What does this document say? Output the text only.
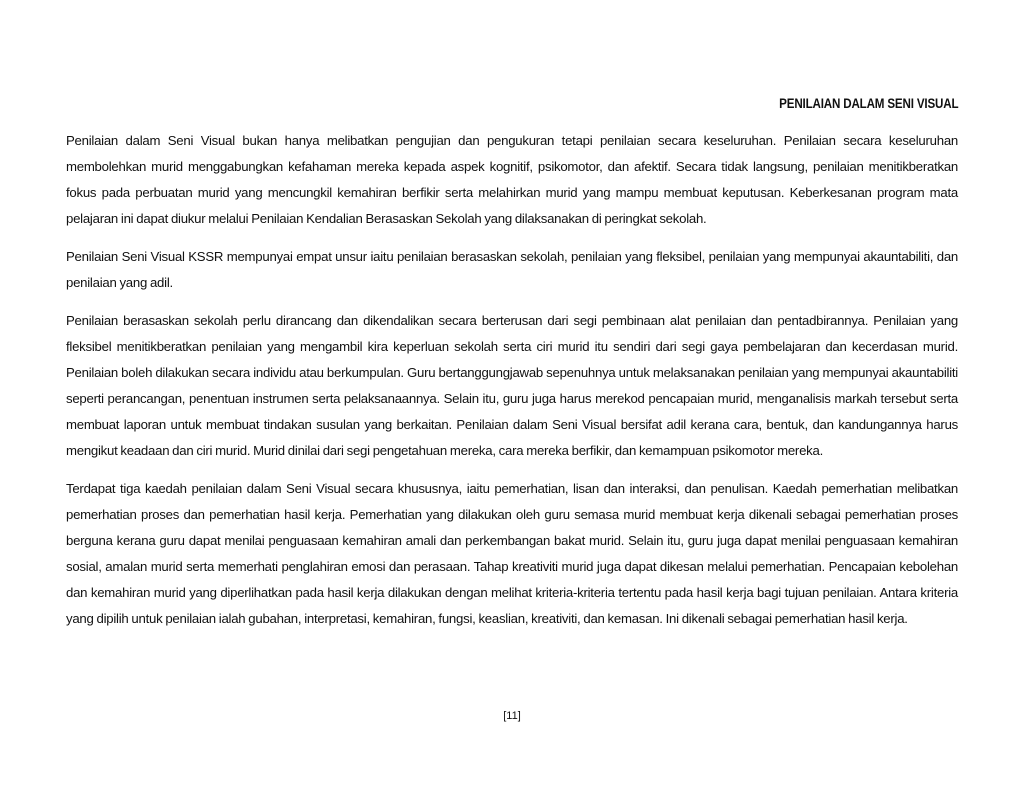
PENILAIAN DALAM SENI VISUAL

Penilaian dalam Seni Visual bukan hanya melibatkan pengujian dan pengukuran tetapi penilaian secara keseluruhan. Penilaian secara keseluruhan membolehkan murid menggabungkan kefahaman mereka kepada aspek kognitif, psikomotor, dan afektif. Secara tidak langsung, penilaian menitikberatkan fokus pada perbuatan murid yang mencungkil kemahiran berfikir serta melahirkan murid yang mampu membuat keputusan. Keberkesanan program mata pelajaran ini dapat diukur melalui Penilaian Kendalian Berasaskan Sekolah yang dilaksanakan di peringkat sekolah.

Penilaian Seni Visual KSSR mempunyai empat unsur iaitu penilaian berasaskan sekolah, penilaian yang fleksibel, penilaian yang mempunyai akauntabiliti, dan penilaian yang adil.

Penilaian berasaskan sekolah perlu dirancang dan dikendalikan secara berterusan dari segi pembinaan alat penilaian dan pentadbirannya. Penilaian yang fleksibel menitikberatkan penilaian yang mengambil kira keperluan sekolah serta ciri murid itu sendiri dari segi gaya pembelajaran dan kecerdasan murid. Penilaian boleh dilakukan secara individu atau berkumpulan. Guru bertanggungjawab sepenuhnya untuk melaksanakan penilaian yang mempunyai akauntabiliti seperti perancangan, penentuan instrumen serta pelaksanaannya. Selain itu, guru juga harus merekod pencapaian murid, menganalisis markah tersebut serta membuat laporan untuk membuat tindakan susulan yang berkaitan. Penilaian dalam Seni Visual bersifat adil kerana cara, bentuk, dan kandungannya harus mengikut keadaan dan ciri murid. Murid dinilai dari segi pengetahuan mereka, cara mereka berfikir, dan kemampuan psikomotor mereka.

Terdapat tiga kaedah penilaian dalam Seni Visual secara khususnya, iaitu pemerhatian, lisan dan interaksi, dan penulisan. Kaedah pemerhatian melibatkan pemerhatian proses dan pemerhatian hasil kerja. Pemerhatian yang dilakukan oleh guru semasa murid membuat kerja dikenali sebagai pemerhatian proses berguna kerana guru dapat menilai penguasaan kemahiran amali dan perkembangan bakat murid. Selain itu, guru juga dapat menilai penguasaan kemahiran sosial, amalan murid serta memerhati penglahiran emosi dan perasaan. Tahap kreativiti murid juga dapat dikesan melalui pemerhatian. Pencapaian kebolehan dan kemahiran murid yang diperlihatkan pada hasil kerja dilakukan dengan melihat kriteria-kriteria tertentu pada hasil kerja bagi tujuan penilaian. Antara kriteria yang dipilih untuk penilaian ialah gubahan, interpretasi, kemahiran, fungsi, keaslian, kreativiti, dan kemasan. Ini dikenali sebagai pemerhatian hasil kerja.

[11]
